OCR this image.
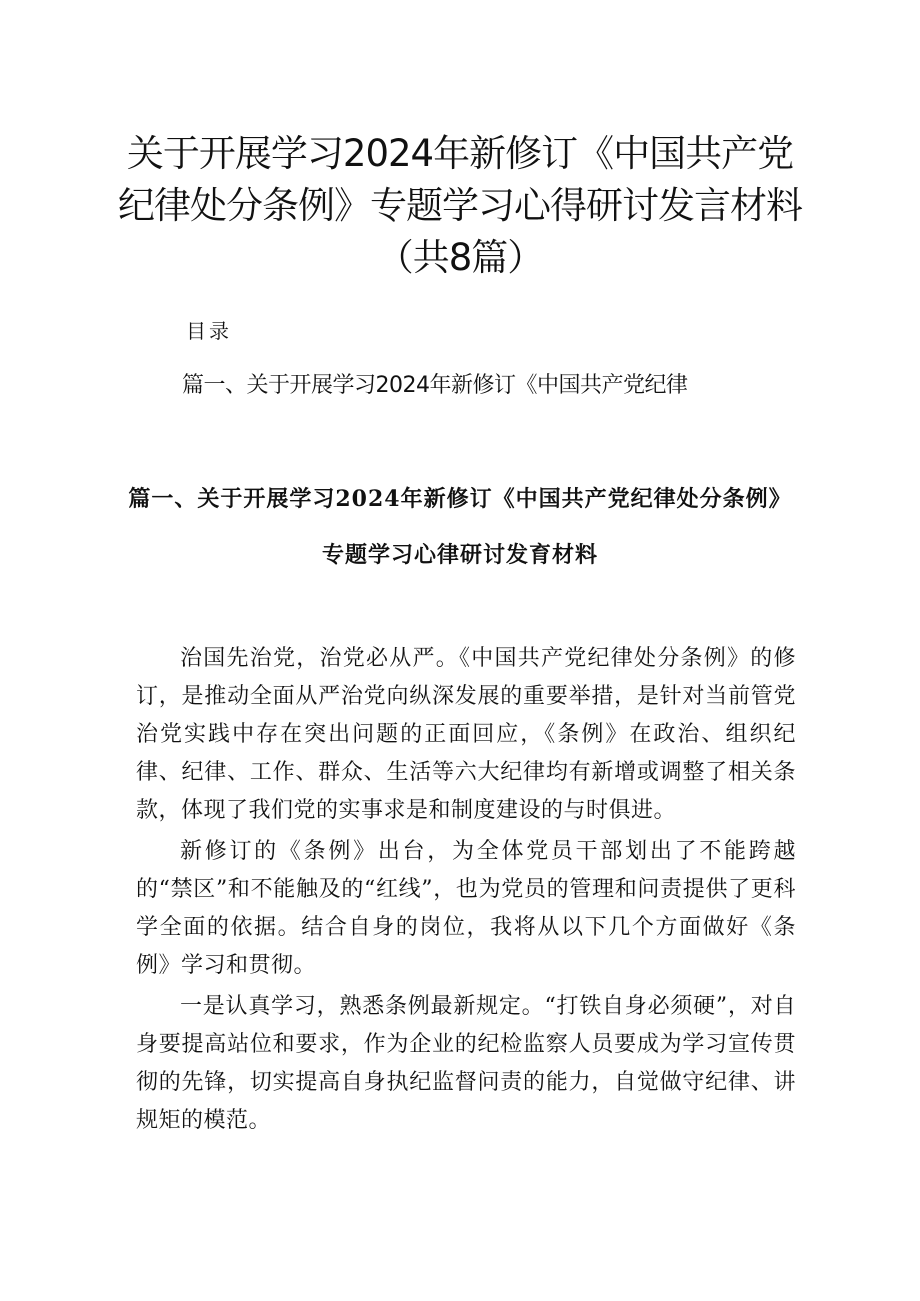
关于开展学习2024年新修订《中国共产党
纪律处分条例》专题学习心得研讨发言材料
（共8篇）
目录
篇一、关于开展学习2024年新修订《中国共产党纪律
篇一、关于开展学习2024年新修订《中国共产党纪律处分条例》
专题学习心律研讨发育材料

治国先治党，治党必从严。《中国共产党纪律处分条例》的修订，是推动全面从严治党向纵深发展的重要举措，是针对当前管党治党实践中存在突出问题的正面回应，《条例》在政治、组织纪律、纪律、工作、群众、生活等六大纪律均有新增或调整了相关条款，体现了我们党的实事求是和制度建设的与时俱进。

新修订的《条例》出台，为全体党员干部划出了不能跨越的“禁区”和不能触及的“红线”，也为党员的管理和问责提供了更科学全面的依据。结合自身的岗位，我将从以下几个方面做好《条例》学习和贯彻。

一是认真学习，熟悉条例最新规定。“打铁自身必须硬”，对自身要提高站位和要求，作为企业的纪检监察人员要成为学习宣传贯彻的先锋，切实提高自身执纪监督问责的能力，自觉做守纪律、讲规矩的模范。
